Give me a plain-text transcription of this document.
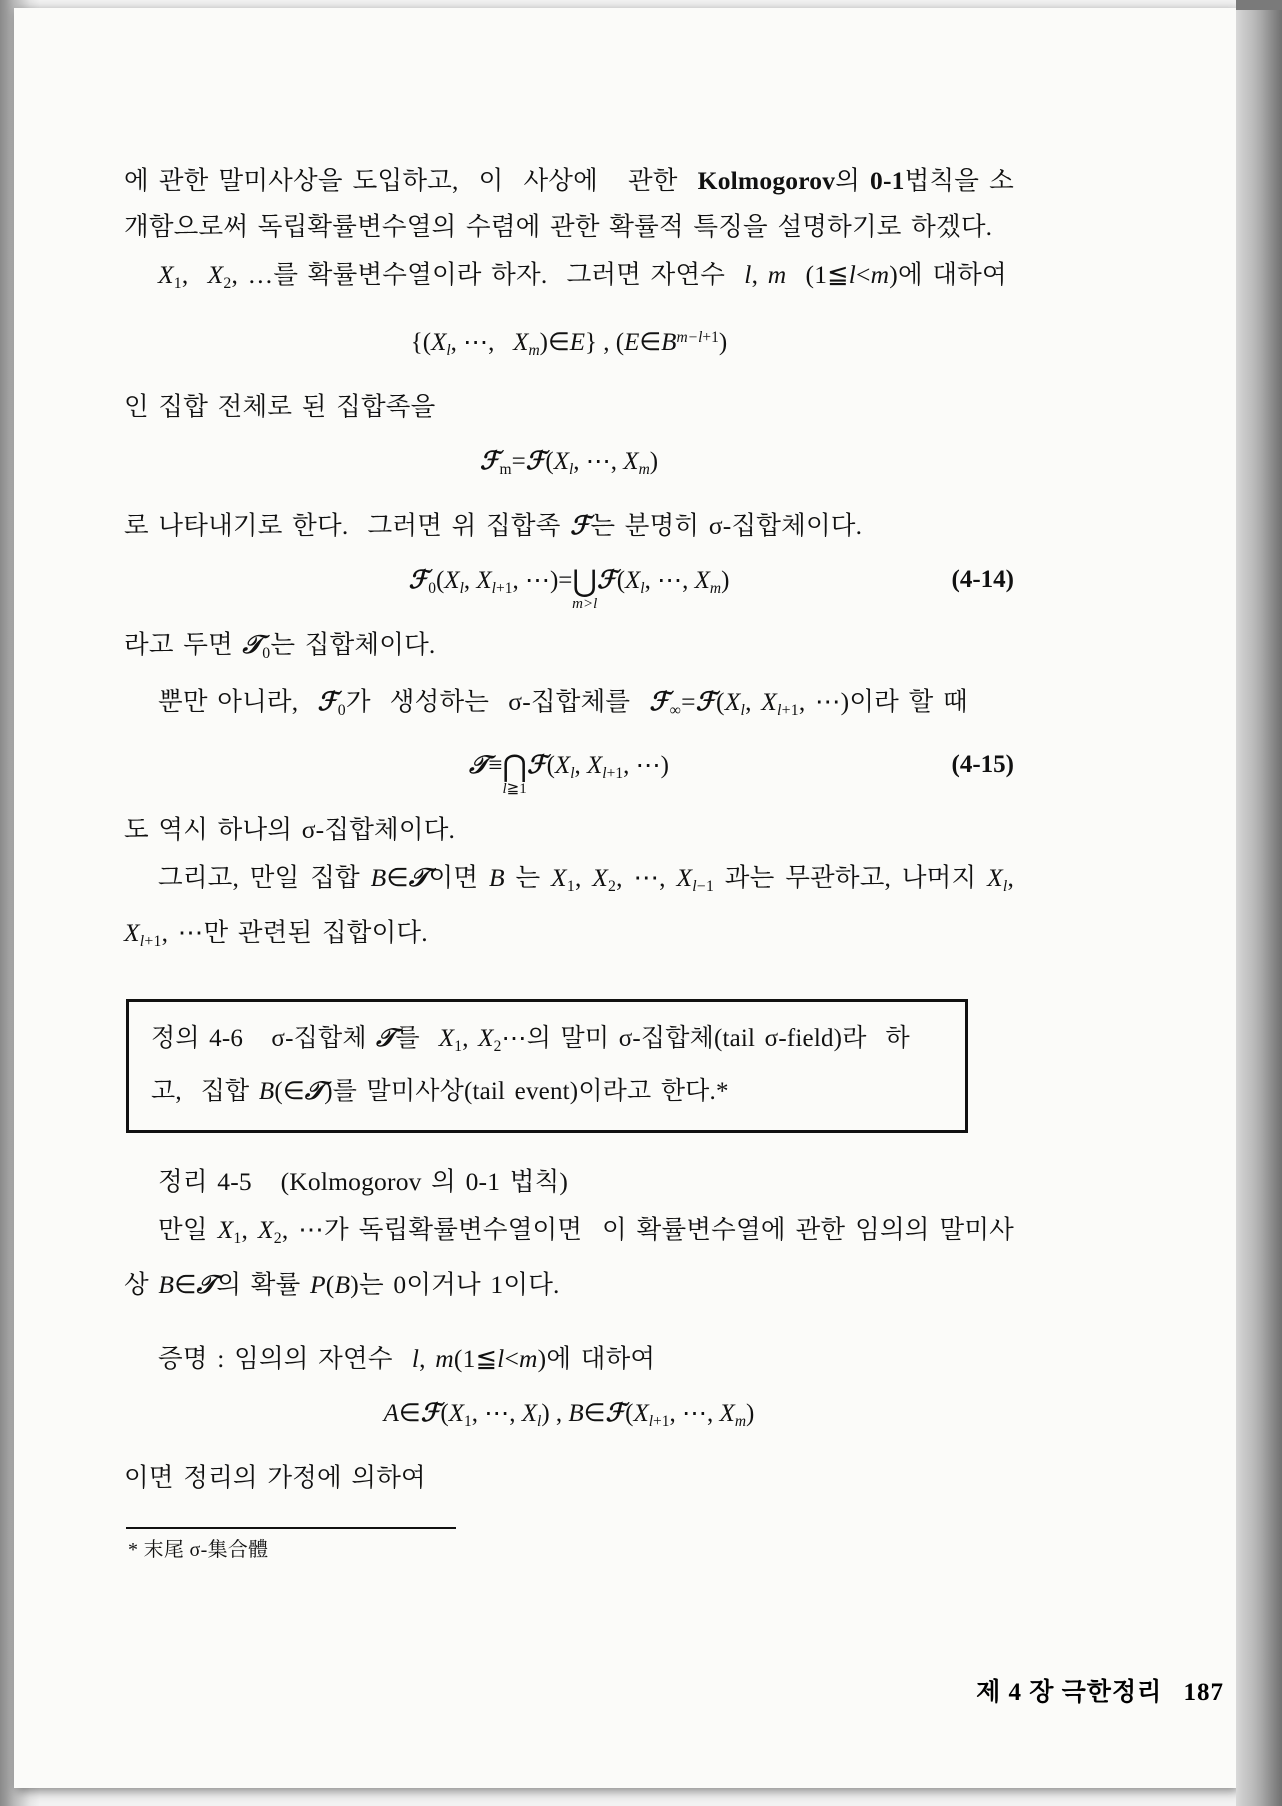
에 관한 말미사상을 도입하고,  이  사상에   관한  Kolmogorov의 0-1법칙을 소개함으로써 독립확률변수열의 수렴에 관한 확률적 특징을 설명하기로 하겠다.

$X_1$,  $X_2$, …를 확률변수열이라 하자.  그러면 자연수  l, m  (1≦l<m)에 대하여

{($X_l$, ⋯,   $X_m)\in E$} , $(E\in B^{m-l+1})$

인 집합 전체로 된 집합족을

$ℱ_m=ℱ(X_l$, ⋯, $X_m$)

로 나타내기로 한다.  그러면 위 집합족 ℱ는 분명히 σ-집합체이다.

$ℱ_0(X_l$, $X_{l+1}$, ⋯)= ⋃
m>l
$ℱ(X_l$, ⋯, $X_m$)	(4-14)

라고 두면 𝒯$_0$는 집합체이다.

뿐만 아니라,  ℱ$_0$가  생성하는  σ-집합체를  $ℱ_\infty=ℱ(X_l$, $X_{l+1}$, ⋯)이라 할 때

𝒯≡ ⋂
l≧1
$ℱ(X_l$, $X_{l+1}$, ⋯)	(4-15)

도 역시 하나의 σ-집합체이다.

그리고, 만일 집합 B∈𝒯이면 B 는 $X_1$, $X_2$, ⋯, $X_{l-1}$ 과는 무관하고, 나머지 $X_l$, $X_{l+1}$, ⋯만 관련된 집합이다.

정의 4-6   σ-집합체 𝒯를  $X_1$, $X_2\cdots$의 말미 σ-집합체(tail σ-field)라  하고,  집합 B(∈𝒯)를 말미사상(tail event)이라고 한다.*

정리 4-5 (Kolmogorov 의 0-1 법칙)

만일 $X_1$, $X_2$, ⋯가 독립확률변수열이면  이 확률변수열에 관한 임의의 말미사상 B∈𝒯의 확률 P(B)는 0이거나 1이다.

증명 : 임의의 자연수  l, m(1≦l<m)에 대하여

$A\in ℱ(X_1$, ⋯, $X_l$) , $B\in ℱ(X_{l+1}$, ⋯, $X_m$)

이면 정리의 가정에 의하여

* 末尾 σ-集合體

제 4 장 극한정리 187
